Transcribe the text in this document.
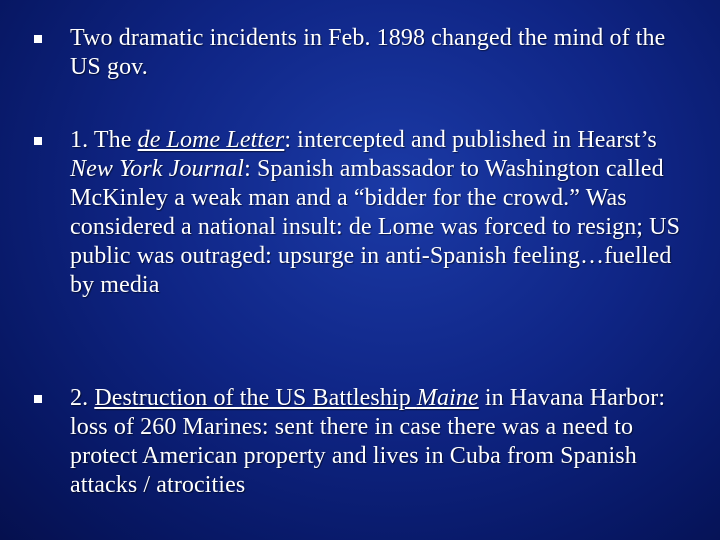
Two dramatic incidents in Feb. 1898 changed the mind of the US gov.
1. The de Lome Letter: intercepted and published in Hearst’s New York Journal: Spanish ambassador to Washington called McKinley a weak man and a “bidder for the crowd.” Was considered a national insult: de Lome was forced to resign; US public was outraged: upsurge in anti-Spanish feeling…fuelled by media
2. Destruction of the US Battleship Maine in Havana Harbor: loss of 260 Marines: sent there in case there was a need to protect American property and lives in Cuba from Spanish attacks / atrocities
